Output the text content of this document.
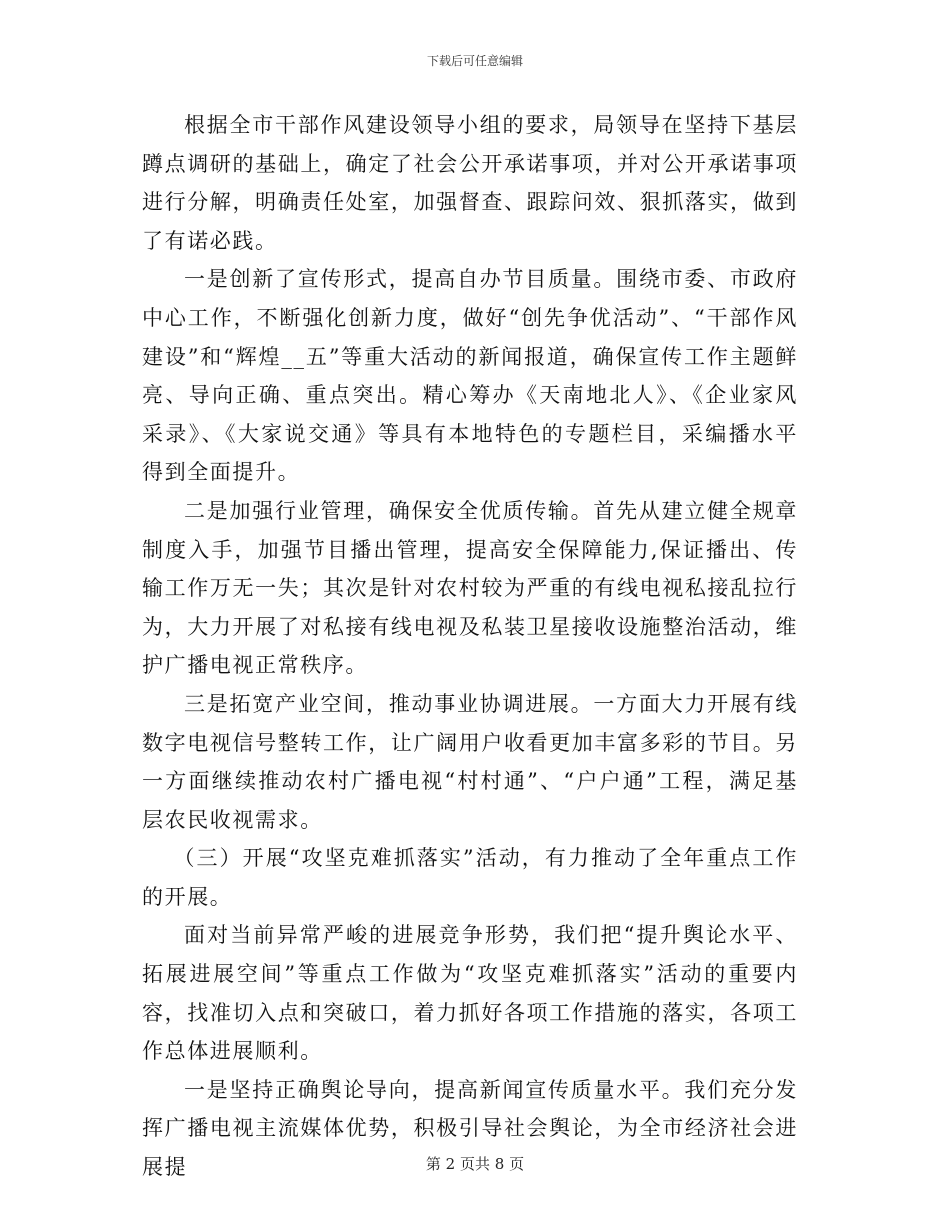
下载后可任意编辑

根据全市干部作风建设领导小组的要求，局领导在坚持下基层蹲点调研的基础上，确定了社会公开承诺事项，并对公开承诺事项进行分解，明确责任处室，加强督查、跟踪问效、狠抓落实，做到了有诺必践。

一是创新了宣传形式，提高自办节目质量。围绕市委、市政府中心工作，不断强化创新力度，做好“创先争优活动”、“干部作风建设”和“辉煌__五”等重大活动的新闻报道，确保宣传工作主题鲜亮、导向正确、重点突出。精心筹办《天南地北人》、《企业家风采录》、《大家说交通》等具有本地特色的专题栏目，采编播水平得到全面提升。

二是加强行业管理，确保安全优质传输。首先从建立健全规章制度入手，加强节目播出管理，提高安全保障能力,保证播出、传输工作万无一失；其次是针对农村较为严重的有线电视私接乱拉行为，大力开展了对私接有线电视及私装卫星接收设施整治活动，维护广播电视正常秩序。

三是拓宽产业空间，推动事业协调进展。一方面大力开展有线数字电视信号整转工作，让广阔用户收看更加丰富多彩的节目。另一方面继续推动农村广播电视“村村通”、“户户通”工程，满足基层农民收视需求。

（三）开展“攻坚克难抓落实”活动，有力推动了全年重点工作的开展。

面对当前异常严峻的进展竞争形势，我们把“提升舆论水平、拓展进展空间”等重点工作做为“攻坚克难抓落实”活动的重要内容，找准切入点和突破口，着力抓好各项工作措施的落实，各项工作总体进展顺利。

一是坚持正确舆论导向，提高新闻宣传质量水平。我们充分发挥广播电视主流媒体优势，积极引导社会舆论，为全市经济社会进展提	第 2 页共 8 页
